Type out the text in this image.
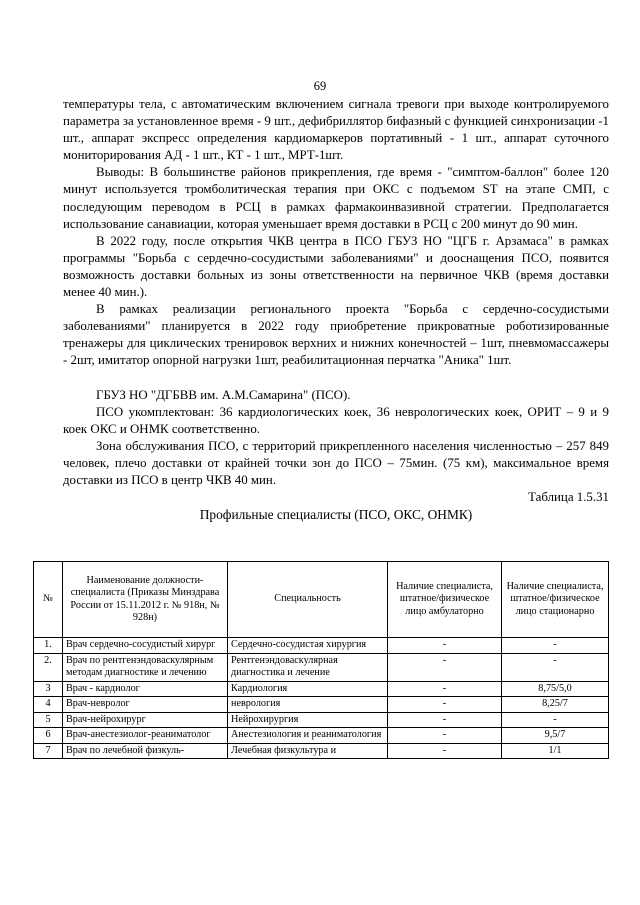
69

температуры тела, с автоматическим включением сигнала тревоги при выходе контролируемого параметра за установленное время - 9 шт., дефибриллятор бифазный с функцией синхронизации -1 шт., аппарат экспресс определения кардиомаркеров портативный - 1 шт., аппарат суточного мониторирования АД - 1 шт., КТ - 1 шт., МРТ-1шт.

Выводы: В большинстве районов прикрепления, где время - "симптом-баллон" более 120 минут используется тромболитическая терапия при ОКС с подъемом ST на этапе СМП, с последующим переводом в РСЦ в рамках фармакоинвазивной стратегии. Предполагается использование санавиации, которая уменьшает время доставки в РСЦ с 200 минут до 90 мин.

В 2022 году, после открытия ЧКВ центра в ПСО ГБУЗ НО "ЦГБ г. Арзамаса" в рамках программы "Борьба с сердечно-сосудистыми заболеваниями" и дооснащения ПСО, появится возможность доставки больных из зоны ответственности на первичное ЧКВ (время доставки менее 40 мин.).

В рамках реализации регионального проекта "Борьба с сердечно-сосудистыми заболеваниями" планируется в 2022 году приобретение прикроватные роботизированные тренажеры для циклических тренировок верхних и нижних конечностей – 1шт, пневмомассажеры - 2шт, имитатор опорной нагрузки 1шт, реабилитационная перчатка "Аника" 1шт.

ГБУЗ НО "ДГБВВ им. А.М.Самарина" (ПСО).

ПСО укомплектован: 36 кардиологических коек, 36 неврологических коек, ОРИТ – 9 и 9 коек ОКС и ОНМК соответственно.

Зона обслуживания ПСО, с территорий прикрепленного населения численностью – 257 849 человек, плечо доставки от крайней точки зон до ПСО – 75мин. (75 км), максимальное время доставки из ПСО в центр ЧКВ 40 мин.

Таблица 1.5.31

Профильные специалисты (ПСО, ОКС, ОНМК)

№	Наименование должности-специалиста (Приказы Минздрава России от 15.11.2012 г. № 918н, № 928н)	Специальность	Наличие специалиста, штатное/физическое лицо амбулаторно	Наличие специалиста, штатное/физическое лицо стационарно
1.	Врач сердечно-сосудистый хирург	Сердечно-сосудистая хирургия	-	-
2.	Врач по рентгенэндоваскулярным методам диагностике и лечению	Рентгенэндоваскулярная диагностика и лечение	-	-
3	Врач - кардиолог	Кардиология	-	8,75/5,0
4	Врач-невролог	неврология	-	8,25/7
5	Врач-нейрохирург	Нейрохирургия	-	-
6	Врач-анестезиолог-реаниматолог	Анестезиология и реаниматология	-	9,5/7
7	Врач по лечебной физкуль-	Лечебная физкультура и	-	1/1
